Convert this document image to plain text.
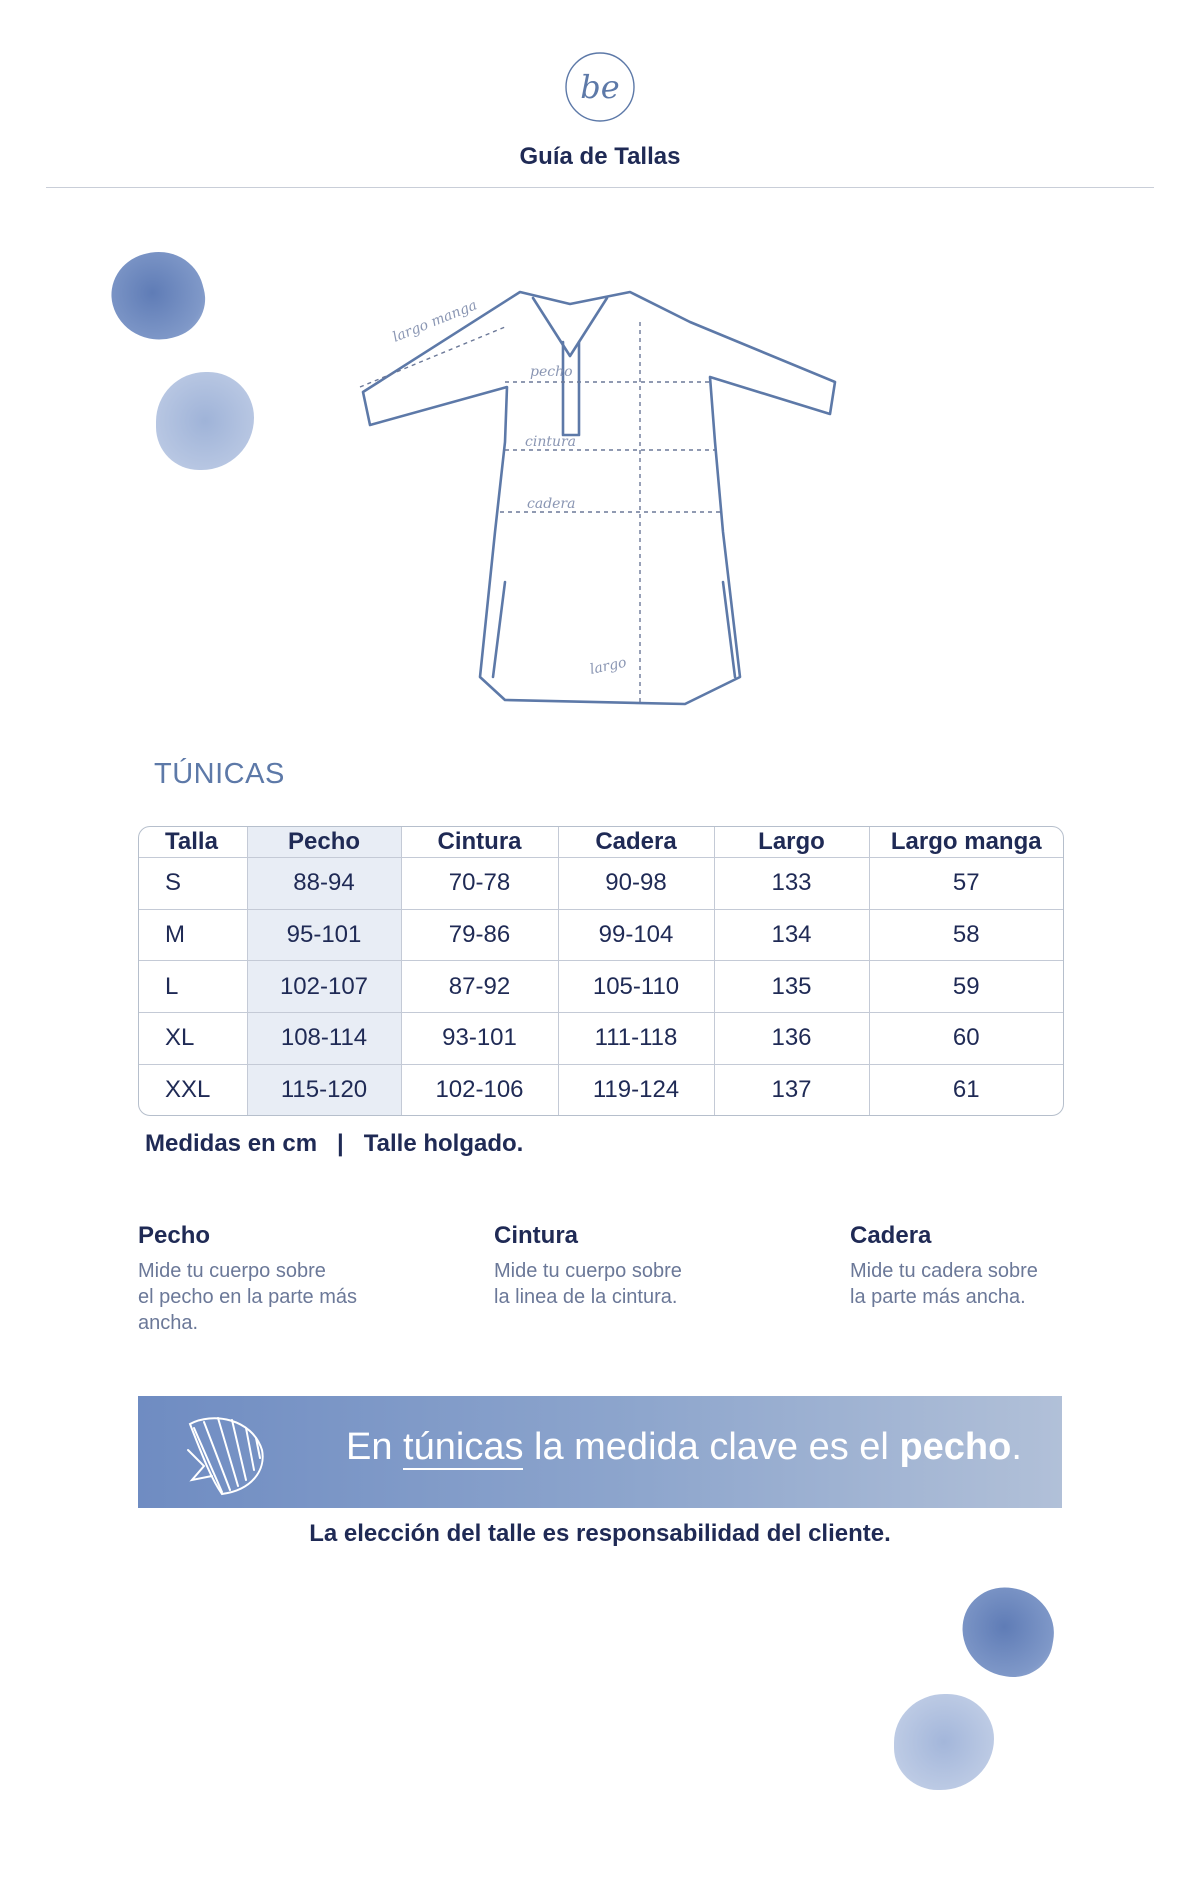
be
Guía de Tallas
largo manga
pecho
cintura
cadera
largo
TÚNICAS
Talla	Pecho	Cintura	Cadera	Largo	Largo manga
S	88-94	70-78	90-98	133	57
M	95-101	79-86	99-104	134	58
L	102-107	87-92	105-110	135	59
XL	108-114	93-101	111-118	136	60
XXL	115-120	102-106	119-124	137	61
Medidas en cm   |   Talle holgado.
Pecho

Mide tu cuerpo sobre
el pecho en la parte más
ancha.

Cintura

Mide tu cuerpo sobre
la linea de la cintura.

Cadera

Mide tu cadera sobre
la parte más ancha.

En túnicas la medida clave es el pecho.
La elección del talle es responsabilidad del cliente.
